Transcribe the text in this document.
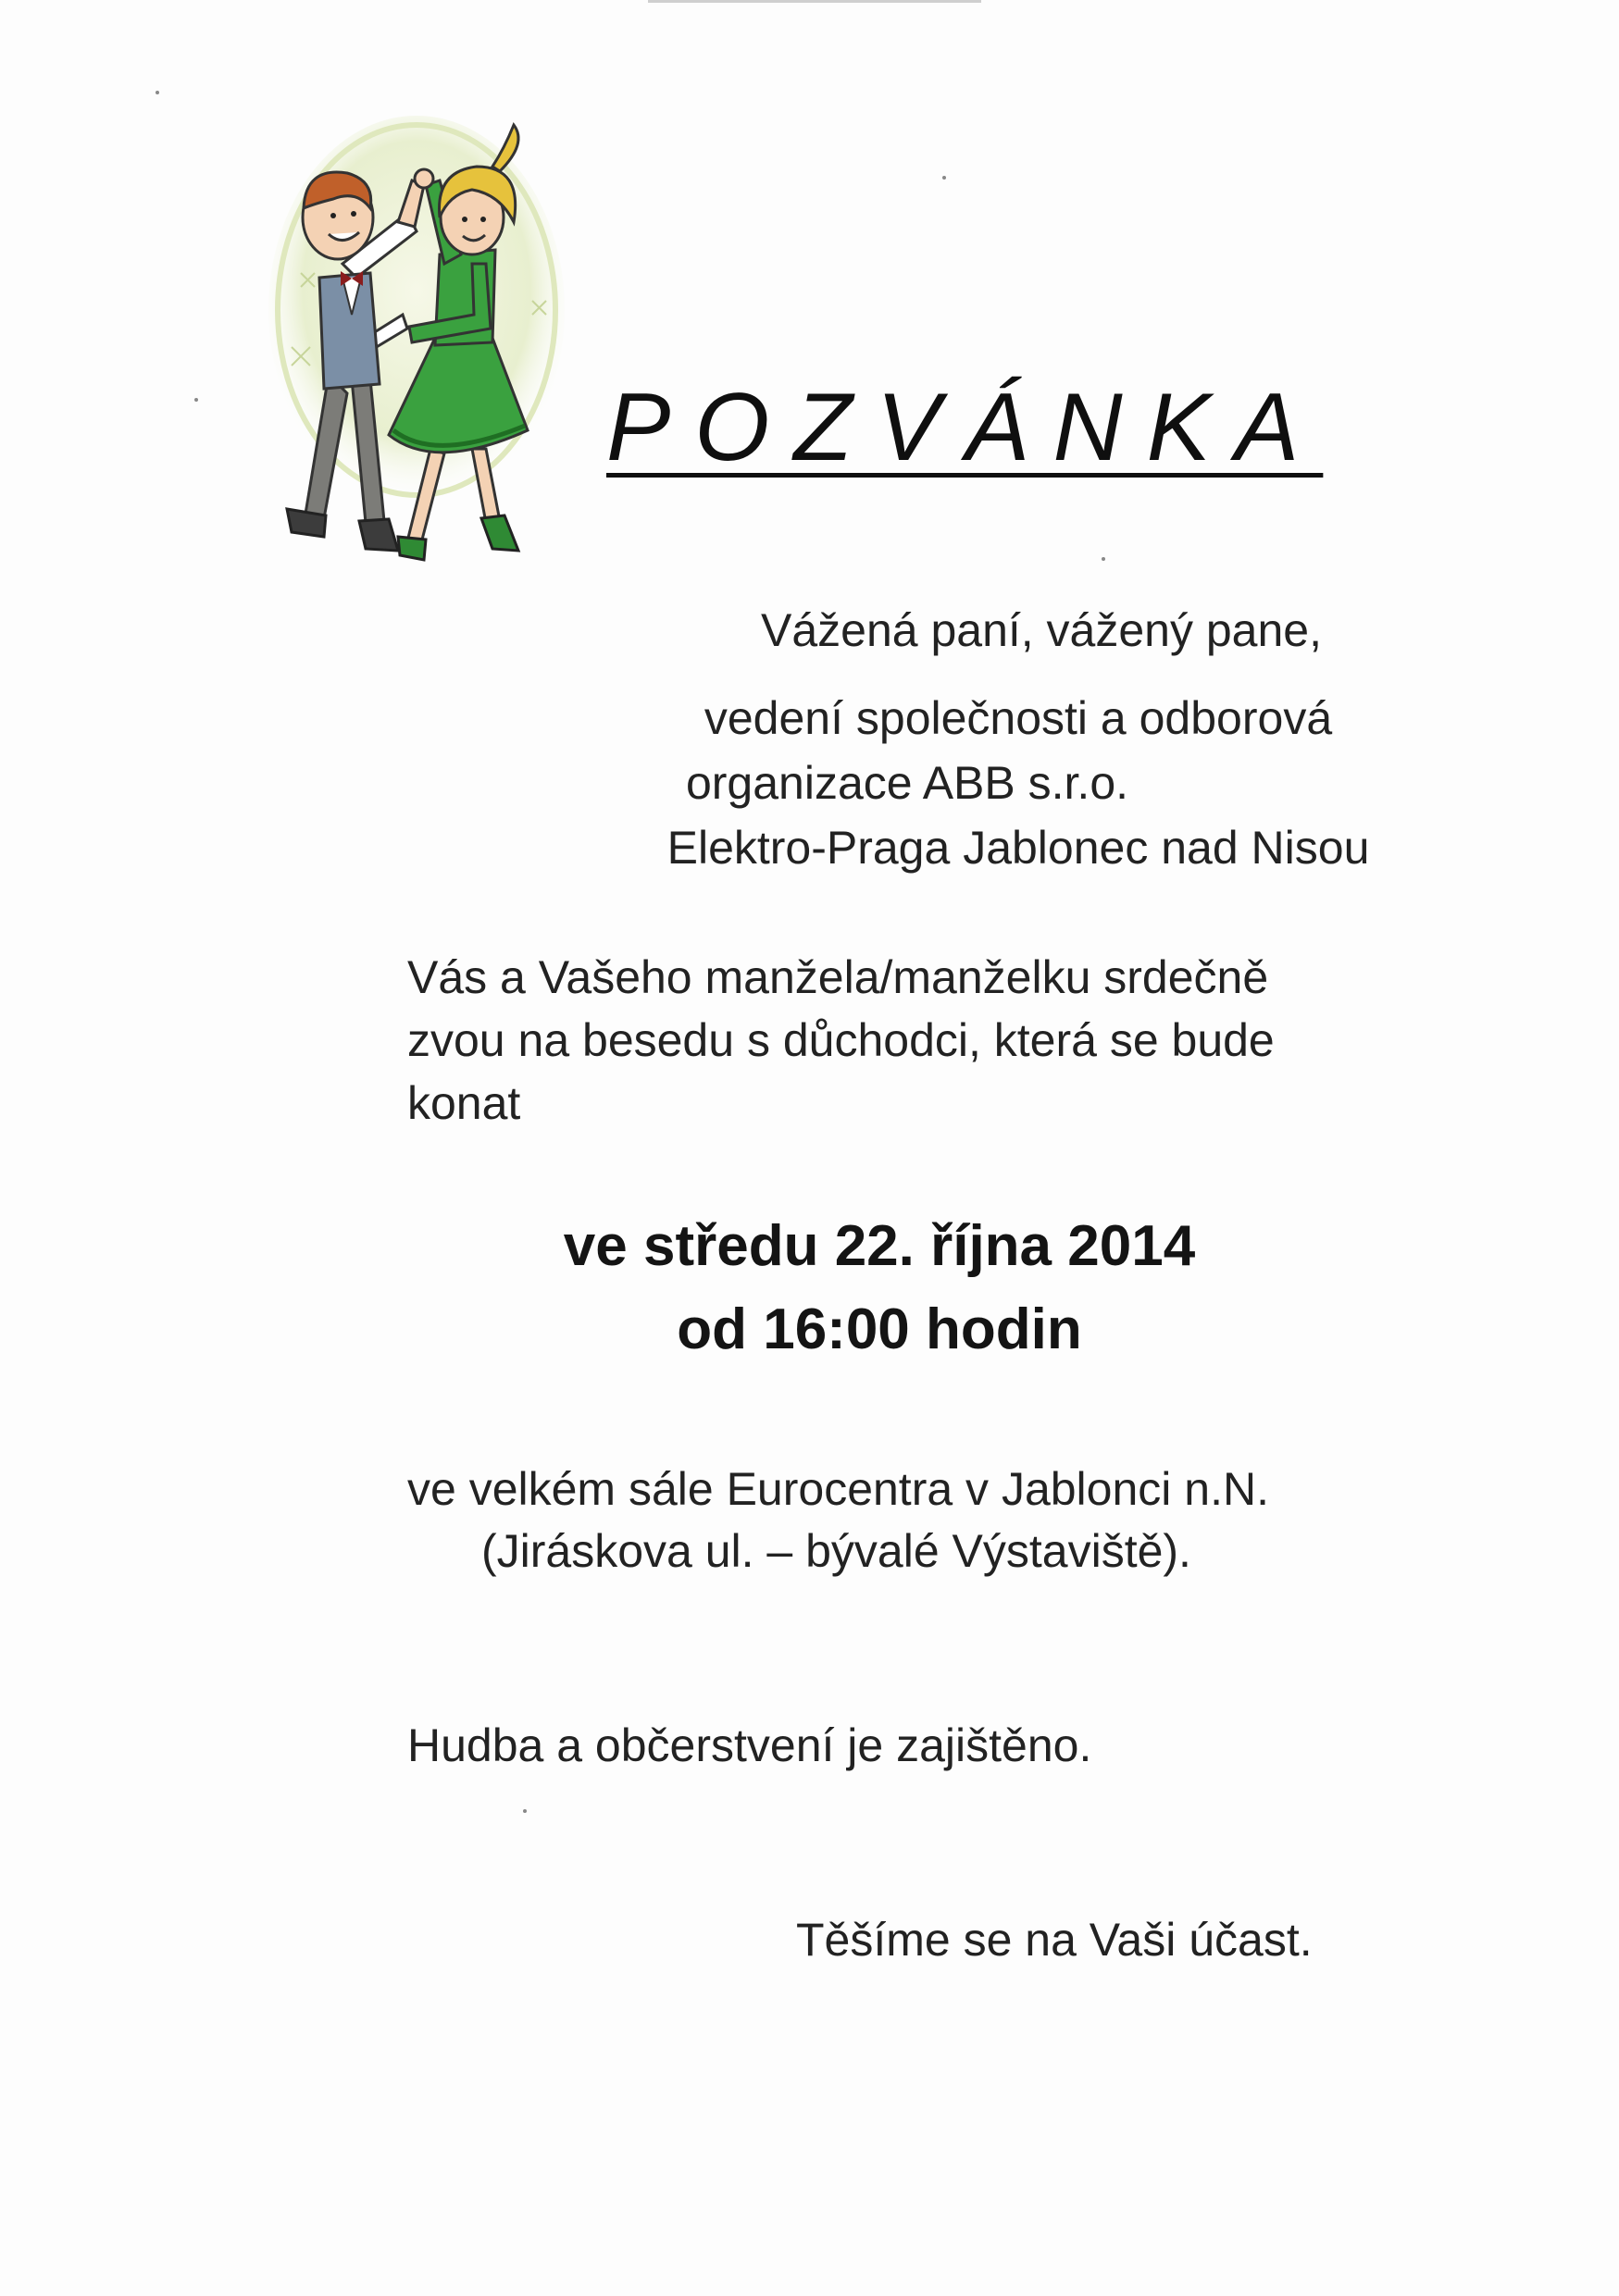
POZVÁNKA
Vážená paní, vážený pane,
vedení společnosti a odborová
organizace ABB s.r.o.
Elektro-Praga Jablonec nad Nisou
Vás a Vašeho manžela/manželku srdečně
zvou na besedu s důchodci, která se bude
konat
ve středu 22. října 2014
od 16:00 hodin
ve velkém sále Eurocentra v Jablonci n.N.
(Jiráskova ul. – bývalé Výstaviště).
Hudba a občerstvení je zajištěno.
Těšíme se na Vaši účast.
